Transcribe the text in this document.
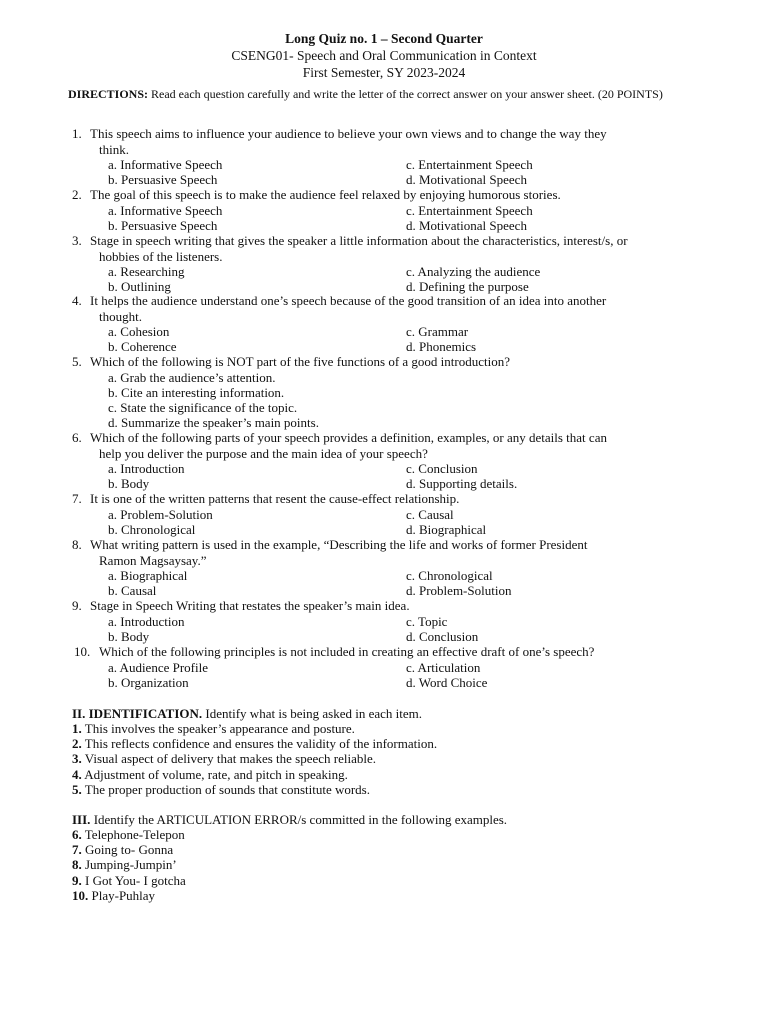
Long Quiz no. 1 – Second Quarter
CSENG01- Speech and Oral Communication in Context
First Semester, SY 2023-2024
DIRECTIONS: Read each question carefully and write the letter of the correct answer on your answer sheet. (20 POINTS)
1. This speech aims to influence your audience to believe your own views and to change the way they
think.
a. Informative Speech
b. Persuasive Speech
c. Entertainment Speech
d. Motivational Speech
2. The goal of this speech is to make the audience feel relaxed by enjoying humorous stories.
a. Informative Speech
b. Persuasive Speech
c. Entertainment Speech
d. Motivational Speech
3. Stage in speech writing that gives the speaker a little information about the characteristics, interest/s, or
hobbies of the listeners.
a. Researching
b. Outlining
c. Analyzing the audience
d. Defining the purpose
4. It helps the audience understand one’s speech because of the good transition of an idea into another
thought.
a. Cohesion
b. Coherence
c. Grammar
d. Phonemics
5. Which of the following is NOT part of the five functions of a good introduction?
a. Grab the audience’s attention.
b. Cite an interesting information.
c. State the significance of the topic.
d. Summarize the speaker’s main points.
6. Which of the following parts of your speech provides a definition, examples, or any details that can
help you deliver the purpose and the main idea of your speech?
a. Introduction
b. Body
c. Conclusion
d. Supporting details.
7. It is one of the written patterns that resent the cause-effect relationship.
a. Problem-Solution
b. Chronological
c. Causal
d. Biographical
8. What writing pattern is used in the example, “Describing the life and works of former President
Ramon Magsaysay.”
a. Biographical
b. Causal
c. Chronological
d. Problem-Solution
9. Stage in Speech Writing that restates the speaker’s main idea.
a. Introduction
b. Body
c. Topic
d. Conclusion
10. Which of the following principles is not included in creating an effective draft of one’s speech?
a. Audience Profile
b. Organization
c. Articulation
d. Word Choice
II. IDENTIFICATION. Identify what is being asked in each item.
1. This involves the speaker’s appearance and posture.
2. This reflects confidence and ensures the validity of the information.
3. Visual aspect of delivery that makes the speech reliable.
4. Adjustment of volume, rate, and pitch in speaking.
5. The proper production of sounds that constitute words.
III. Identify the ARTICULATION ERROR/s committed in the following examples.
6. Telephone-Telepon
7. Going to- Gonna
8. Jumping-Jumpin’
9. I Got You- I gotcha
10. Play-Puhlay
